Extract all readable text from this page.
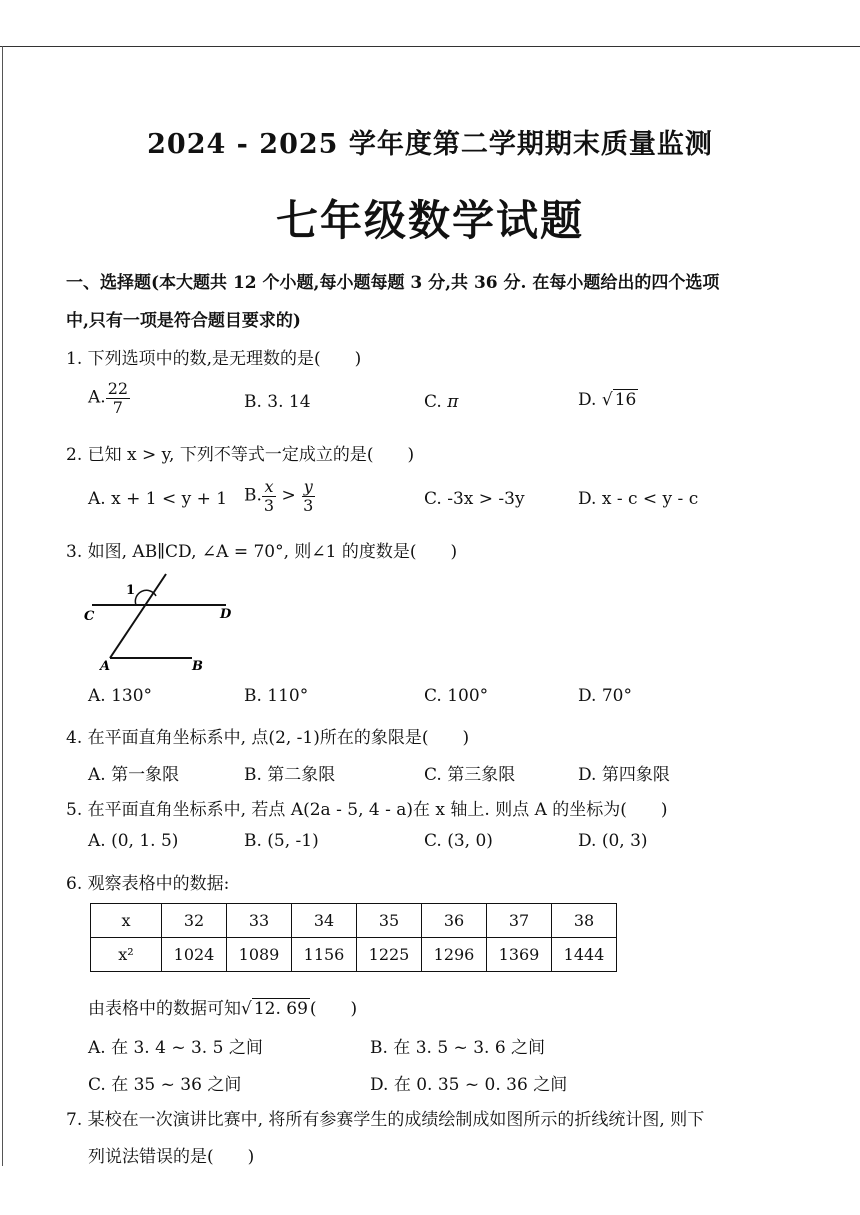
2024 - 2025 学年度第二学期期末质量监测
七年级数学试题
一、选择题(本大题共 12 个小题,每小题每题 3 分,共 36 分. 在每小题给出的四个选项
中,只有一项是符合题目要求的)
1. 下列选项中的数,是无理数的是(　　)
A. $\frac{22}{7}$	B. 3. 14	C. π	D. √ 16
2. 已知 x > y, 下列不等式一定成立的是(　　)
A. x + 1 < y + 1 B. $\frac{x}{3} > \frac{y}{3}$	C. -3x > -3y	D. x - c < y - c
3. 如图, AB∥CD, ∠A = 70°, 则∠1 的度数是(　　)
1
C	D
A	B
A. 130°	B. 110°	C. 100°	D. 70°
4. 在平面直角坐标系中, 点(2, -1)所在的象限是(　　)
A. 第一象限	B. 第二象限	C. 第三象限	D. 第四象限
5. 在平面直角坐标系中, 若点 A(2a - 5, 4 - a)在 x 轴上. 则点 A 的坐标为(　　)
A. (0, 1. 5)	B. (5, -1)	C. (3, 0)	D. (0, 3)
6. 观察表格中的数据:
x	32	33	34	35	36	37	38
x²	1024	1089	1156	1225	1296	1369	1444
由表格中的数据可知√ 12. 69 (　　)
A. 在 3. 4 ~ 3. 5 之间	B. 在 3. 5 ~ 3. 6 之间
C. 在 35 ~ 36 之间	D. 在 0. 35 ~ 0. 36 之间
7. 某校在一次演讲比赛中, 将所有参赛学生的成绩绘制成如图所示的折线统计图, 则下
列说法错误的是(　　)
